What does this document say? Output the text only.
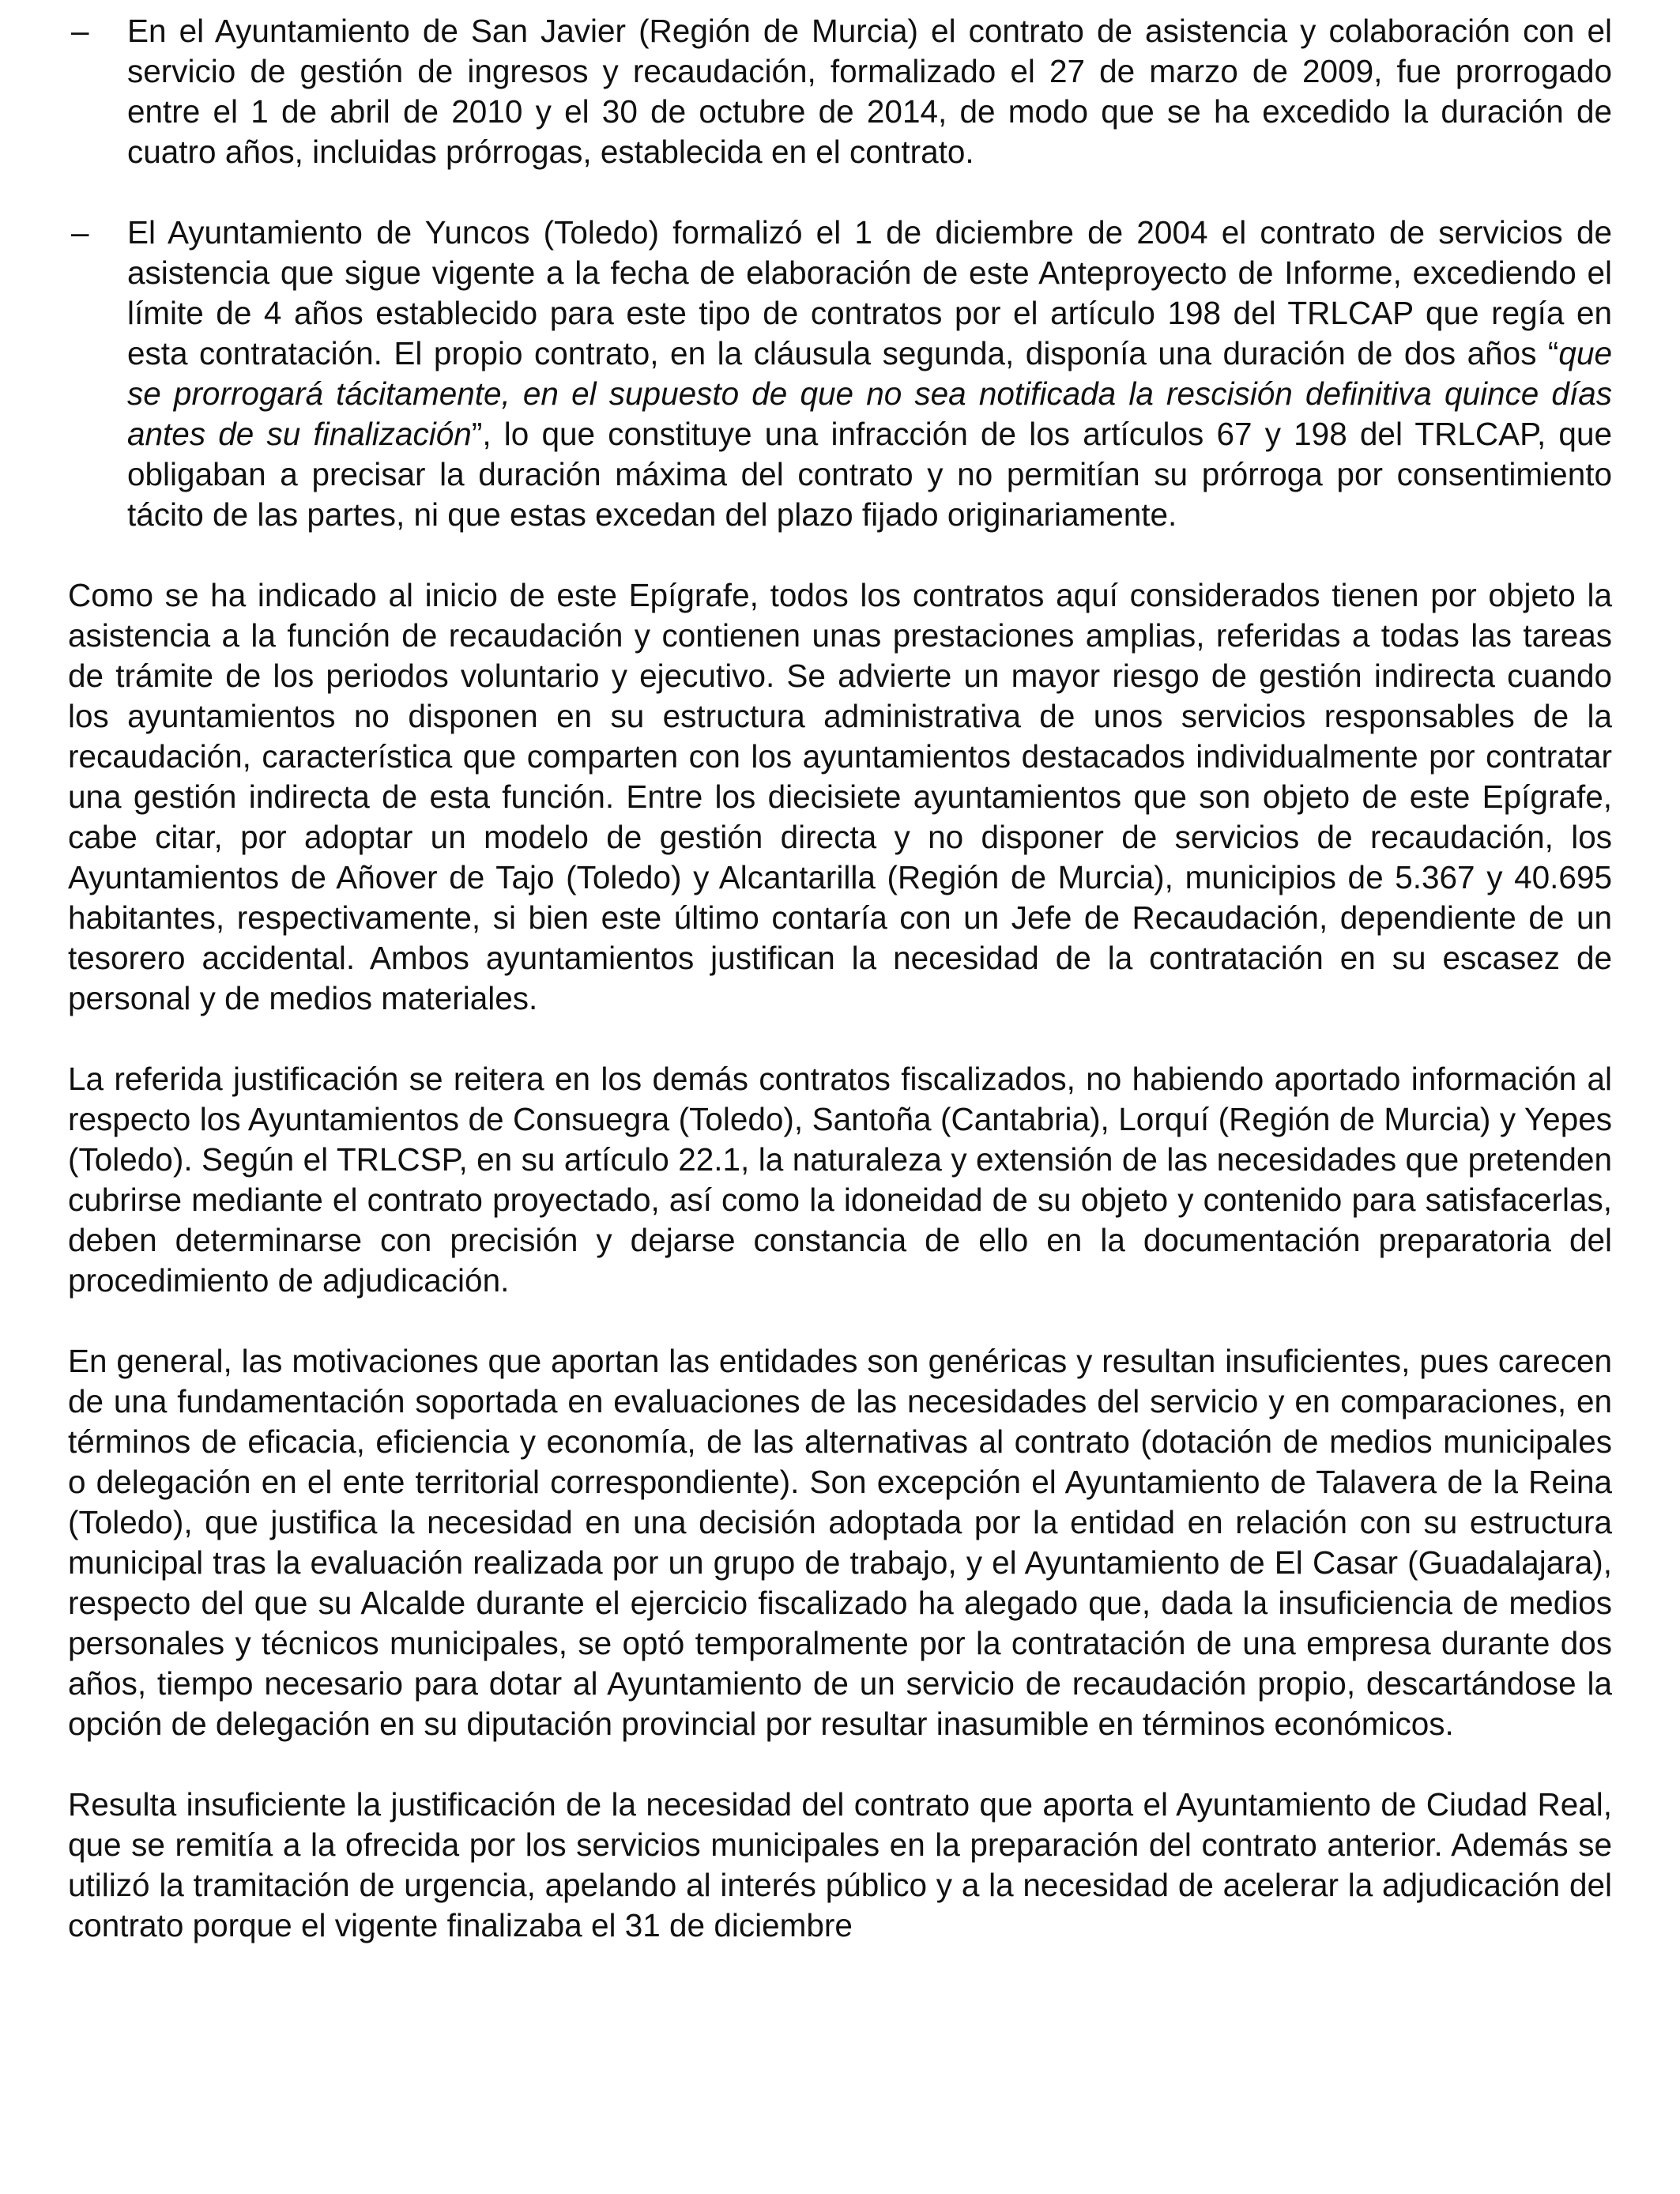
– En el Ayuntamiento de San Javier (Región de Murcia) el contrato de asistencia y colaboración con el servicio de gestión de ingresos y recaudación, formalizado el 27 de marzo de 2009, fue prorrogado entre el 1 de abril de 2010 y el 30 de octubre de 2014, de modo que se ha excedido la duración de cuatro años, incluidas prórrogas, establecida en el contrato.
– El Ayuntamiento de Yuncos (Toledo) formalizó el 1 de diciembre de 2004 el contrato de servicios de asistencia que sigue vigente a la fecha de elaboración de este Anteproyecto de Informe, excediendo el límite de 4 años establecido para este tipo de contratos por el artículo 198 del TRLCAP que regía en esta contratación. El propio contrato, en la cláusula segunda, disponía una duración de dos años “que se prorrogará tácitamente, en el supuesto de que no sea notificada la rescisión definitiva quince días antes de su finalización”, lo que constituye una infracción de los artículos 67 y 198 del TRLCAP, que obligaban a precisar la duración máxima del contrato y no permitían su prórroga por consentimiento tácito de las partes, ni que estas excedan del plazo fijado originariamente.

Como se ha indicado al inicio de este Epígrafe, todos los contratos aquí considerados tienen por objeto la asistencia a la función de recaudación y contienen unas prestaciones amplias, referidas a todas las tareas de trámite de los periodos voluntario y ejecutivo. Se advierte un mayor riesgo de gestión indirecta cuando los ayuntamientos no disponen en su estructura administrativa de unos servicios responsables de la recaudación, característica que comparten con los ayuntamientos destacados individualmente por contratar una gestión indirecta de esta función. Entre los diecisiete ayuntamientos que son objeto de este Epígrafe, cabe citar, por adoptar un modelo de gestión directa y no disponer de servicios de recaudación, los Ayuntamientos de Añover de Tajo (Toledo) y Alcantarilla (Región de Murcia), municipios de 5.367 y 40.695 habitantes, respectivamente, si bien este último contaría con un Jefe de Recaudación, dependiente de un tesorero accidental. Ambos ayuntamientos justifican la necesidad de la contratación en su escasez de personal y de medios materiales.

La referida justificación se reitera en los demás contratos fiscalizados, no habiendo aportado información al respecto los Ayuntamientos de Consuegra (Toledo), Santoña (Cantabria), Lorquí (Región de Murcia) y Yepes (Toledo). Según el TRLCSP, en su artículo 22.1, la naturaleza y extensión de las necesidades que pretenden cubrirse mediante el contrato proyectado, así como la idoneidad de su objeto y contenido para satisfacerlas, deben determinarse con precisión y dejarse constancia de ello en la documentación preparatoria del procedimiento de adjudicación.

En general, las motivaciones que aportan las entidades son genéricas y resultan insuficientes, pues carecen de una fundamentación soportada en evaluaciones de las necesidades del servicio y en comparaciones, en términos de eficacia, eficiencia y economía, de las alternativas al contrato (dotación de medios municipales o delegación en el ente territorial correspondiente). Son excepción el Ayuntamiento de Talavera de la Reina (Toledo), que justifica la necesidad en una decisión adoptada por la entidad en relación con su estructura municipal tras la evaluación realizada por un grupo de trabajo, y el Ayuntamiento de El Casar (Guadalajara), respecto del que su Alcalde durante el ejercicio fiscalizado ha alegado que, dada la insuficiencia de medios personales y técnicos municipales, se optó temporalmente por la contratación de una empresa durante dos años, tiempo necesario para dotar al Ayuntamiento de un servicio de recaudación propio, descartándose la opción de delegación en su diputación provincial por resultar inasumible en términos económicos.

Resulta insuficiente la justificación de la necesidad del contrato que aporta el Ayuntamiento de Ciudad Real, que se remitía a la ofrecida por los servicios municipales en la preparación del contrato anterior. Además se utilizó la tramitación de urgencia, apelando al interés público y a la necesidad de acelerar la adjudicación del contrato porque el vigente finalizaba el 31 de diciembre
